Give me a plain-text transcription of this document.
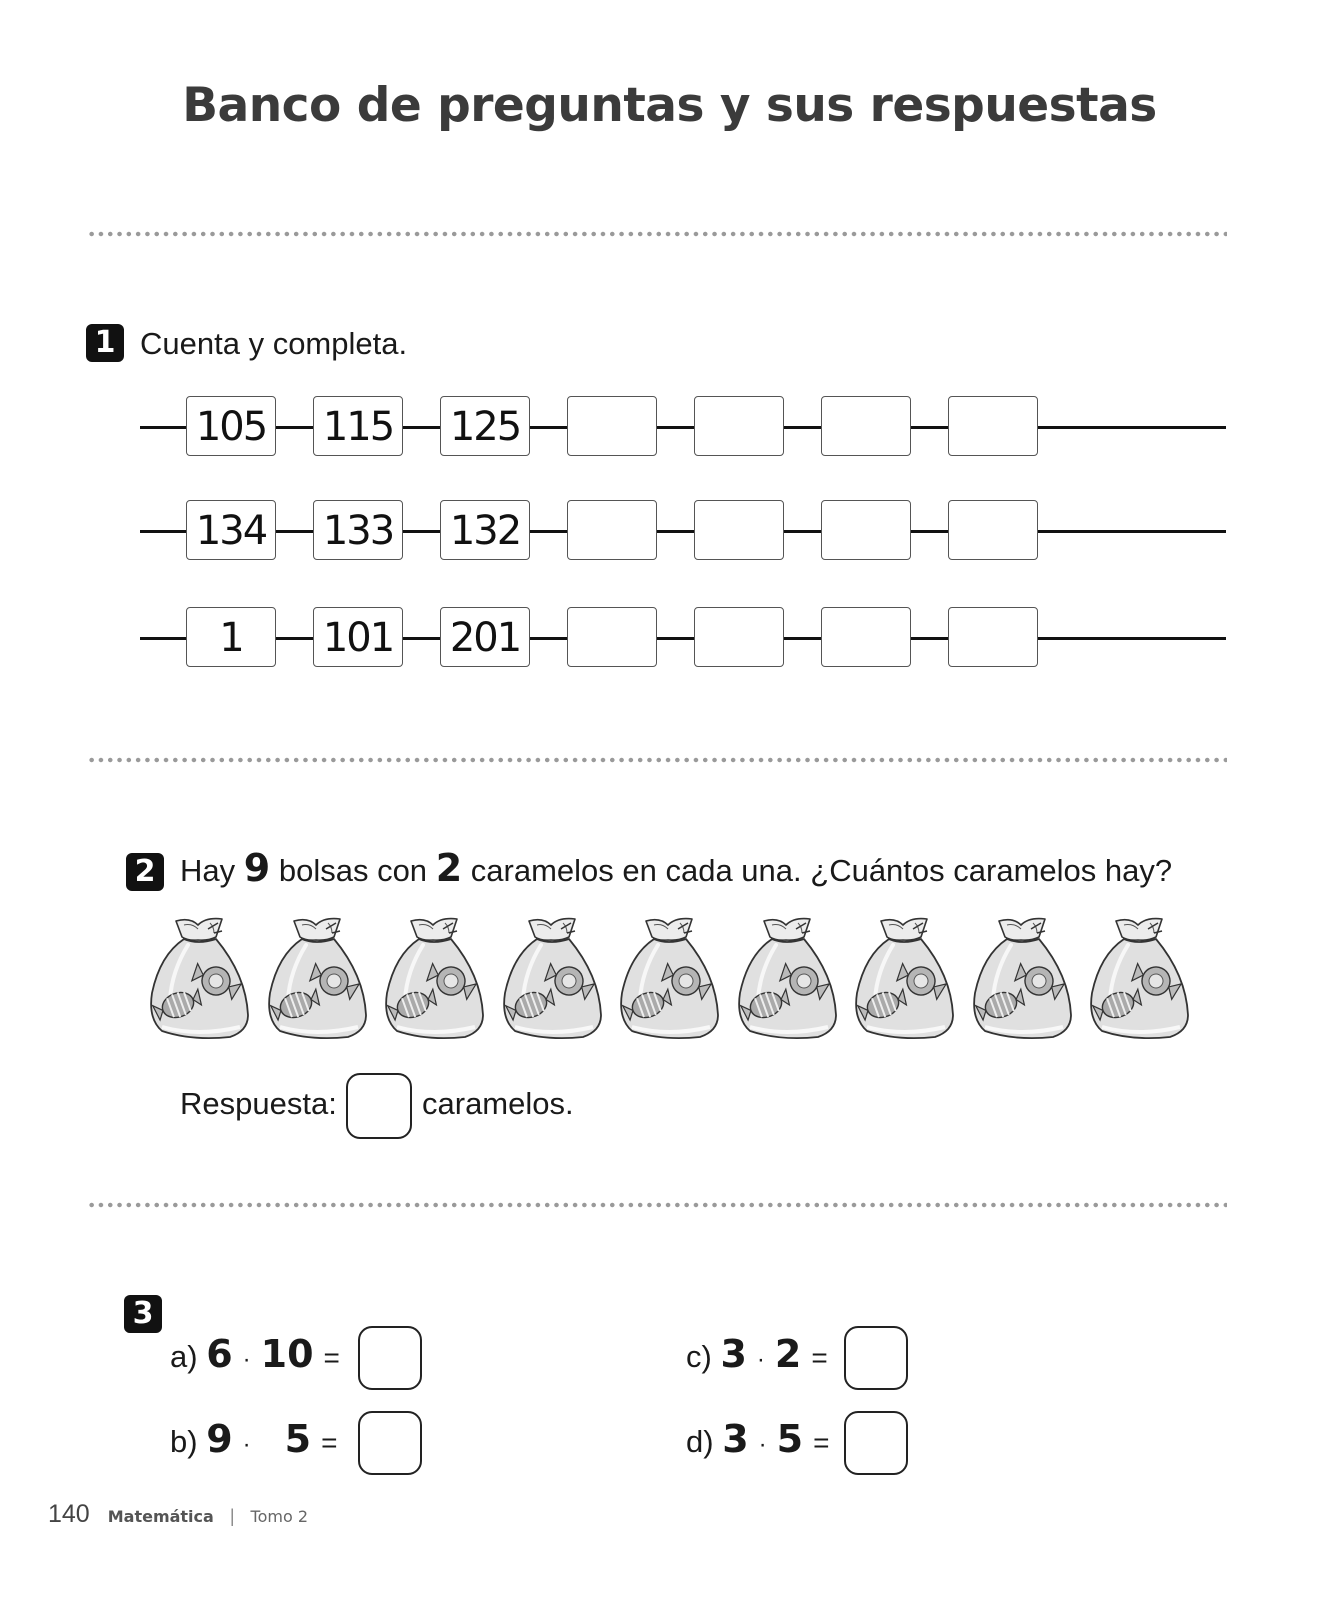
Banco de preguntas y sus respuestas
1 Cuenta y completa.
105 115 125
134 133 132
1	101 201
2 Hay 9 bolsas con 2 caramelos en cada una. ¿Cuántos caramelos hay?
Respuesta:	caramelos.
3
a) 6 · 10 =
b) 9 · 5 =
c) 3 · 2 =
d) 3 · 5 =
140 Matemática | Tomo 2
